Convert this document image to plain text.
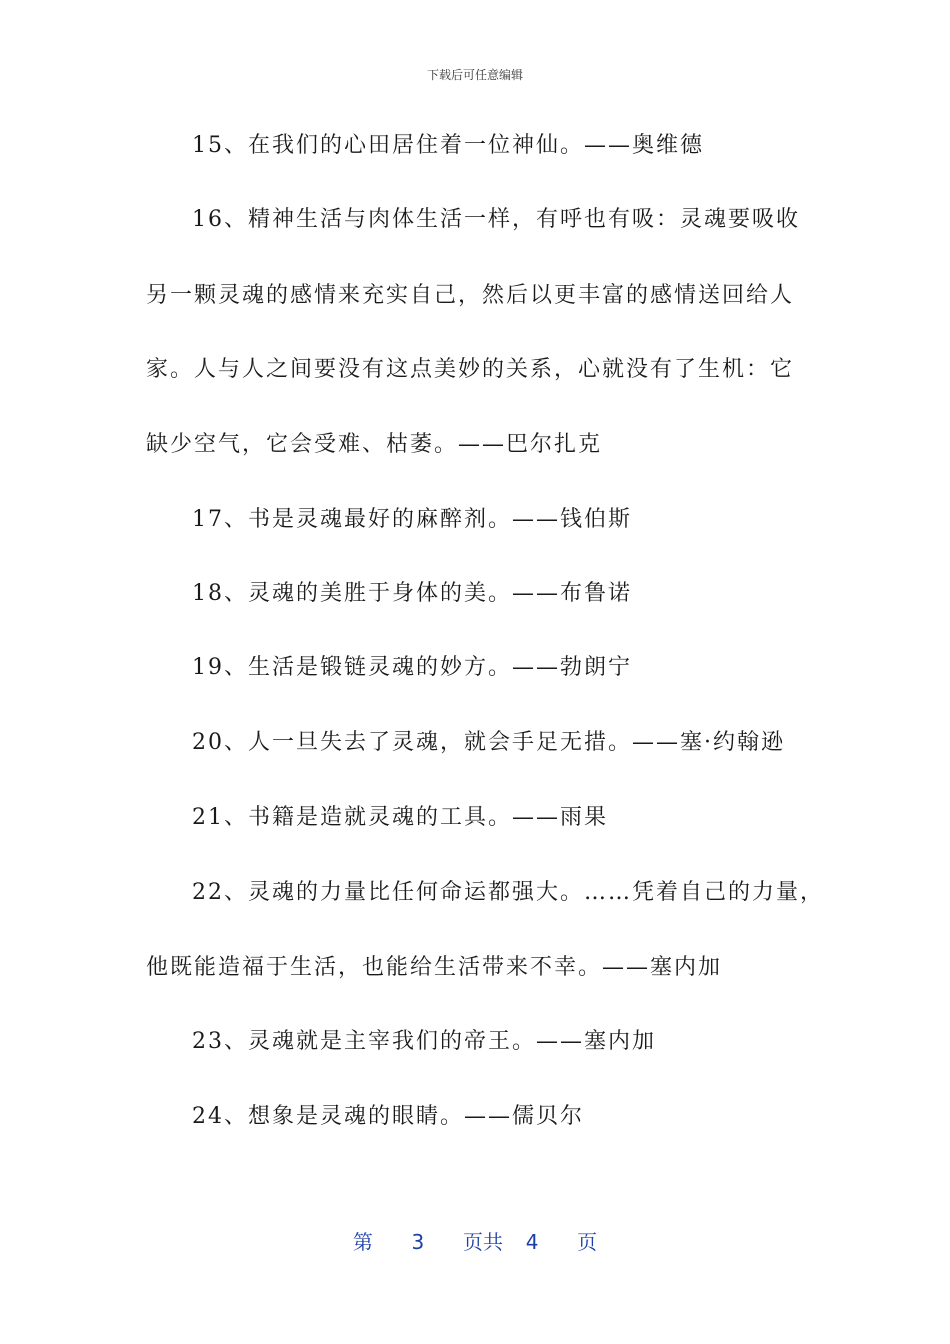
下载后可任意编辑
15、在我们的心田居住着一位神仙。——奥维德
16、精神生活与肉体生活一样，有呼也有吸：灵魂要吸收
另一颗灵魂的感情来充实自己，然后以更丰富的感情送回给人
家。人与人之间要没有这点美妙的关系，心就没有了生机：它
缺少空气，它会受难、枯萎。——巴尔扎克
17、书是灵魂最好的麻醉剂。——钱伯斯
18、灵魂的美胜于身体的美。——布鲁诺
19、生活是锻链灵魂的妙方。——勃朗宁
20、人一旦失去了灵魂，就会手足无措。——塞·约翰逊
21、书籍是造就灵魂的工具。——雨果
22、灵魂的力量比任何命运都强大。……凭着自己的力量，
他既能造福于生活，也能给生活带来不幸。——塞内加
23、灵魂就是主宰我们的帝王。——塞内加
24、想象是灵魂的眼睛。——儒贝尔
第 3 页共 4 页
